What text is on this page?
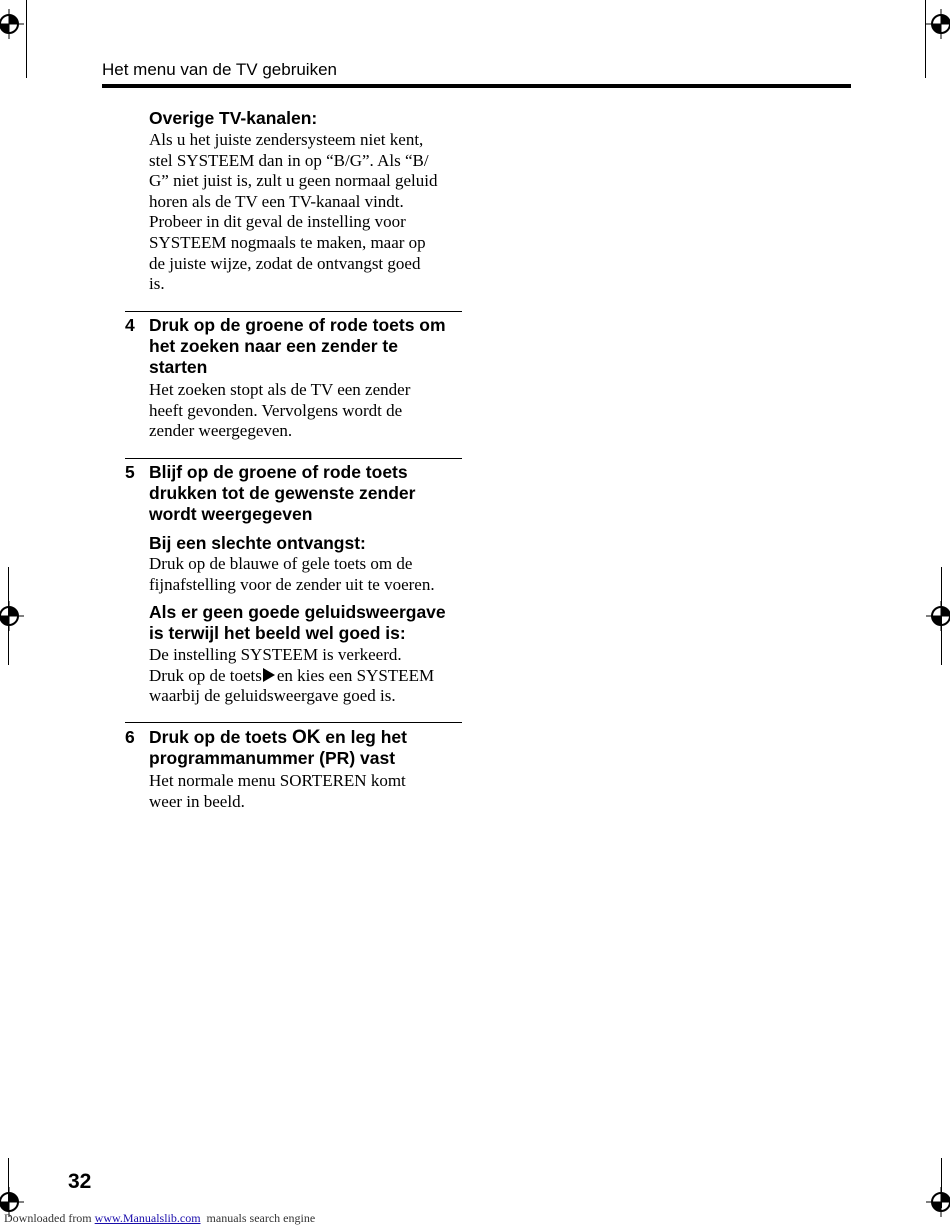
Het menu van de TV gebruiken
Overige TV-kanalen:
Als u het juiste zendersysteem niet kent,
stel SYSTEEM dan in op “B/G”. Als “B/
G” niet juist is, zult u geen normaal geluid
horen als de TV een TV-kanaal vindt.
Probeer in dit geval de instelling voor
SYSTEEM nogmaals te maken, maar op
de juiste wijze, zodat de ontvangst goed
is.
4 Druk op de groene of rode toets om
het zoeken naar een zender te
starten
Het zoeken stopt als de TV een zender
heeft gevonden. Vervolgens wordt de
zender weergegeven.
5 Blijf op de groene of rode toets
drukken tot de gewenste zender
wordt weergegeven
Bij een slechte ontvangst:
Druk op de blauwe of gele toets om de
fijnafstelling voor de zender uit te voeren.
Als er geen goede geluidsweergave
is terwijl het beeld wel goed is:
De instelling SYSTEEM is verkeerd.
Druk op de toets en kies een SYSTEEM
waarbij de geluidsweergave goed is.
6 Druk op de toets OK en leg het
programmanummer (PR) vast
Het normale menu SORTEREN komt
weer in beeld.
32
Downloaded from www.Manualslib.com  manuals search engine
